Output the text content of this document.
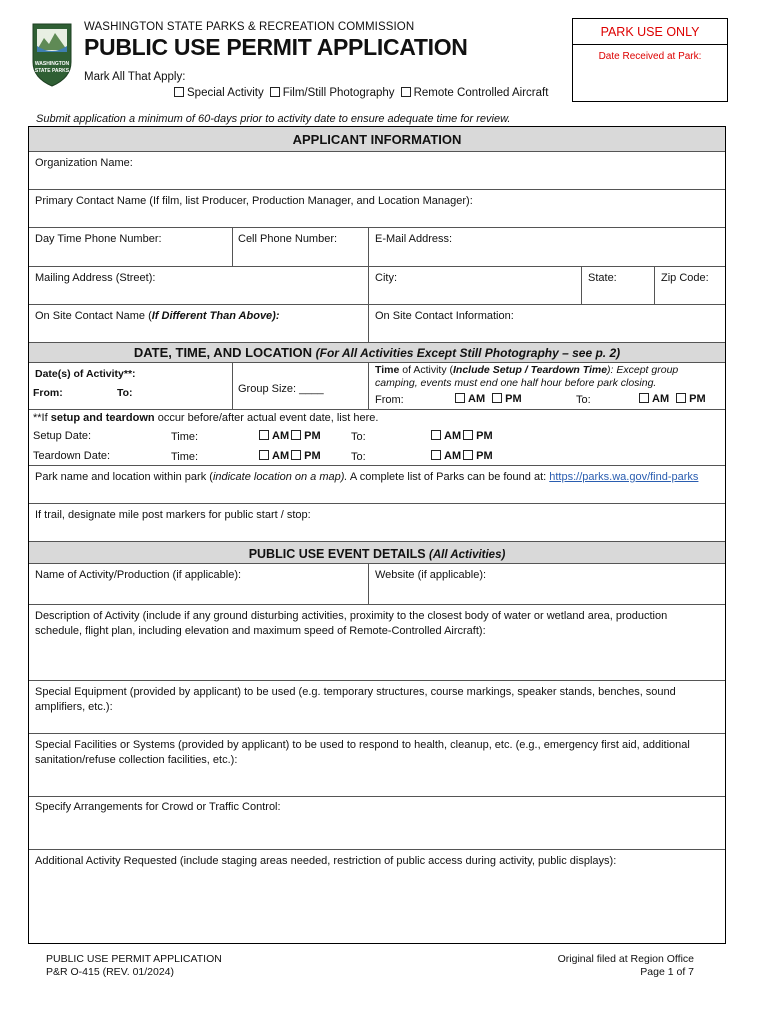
WASHINGTON
STATE PARKS
WASHINGTON STATE PARKS & RECREATION COMMISSION
PUBLIC USE PERMIT APPLICATION
Mark All That Apply:
Special Activity	Film/Still Photography	Remote Controlled Aircraft
PARK USE ONLY
Date Received at Park:
Submit application a minimum of 60-days prior to activity date to ensure adequate time for review.
APPLICANT INFORMATION
Organization Name:
Primary Contact Name (If film, list Producer, Production Manager, and Location Manager):
Day Time Phone Number:	Cell Phone Number:	E-Mail Address:
Mailing Address (Street):	City:	State:	Zip Code:
On Site Contact Name (If Different Than Above):	On Site Contact Information:
DATE, TIME, AND LOCATION (For All Activities Except Still Photography – see p. 2)
Date(s) of Activity**:
From:	To:	Group Size: ____
Time of Activity (Include Setup / Teardown Time): Except group camping, events must end one half hour before park closing.
From:	AM PM	To:	AM PM
**If setup and teardown occur before/after actual event date, list here.
Setup Date:	Time:	AM PM	To:	AM PM
Teardown Date:	Time:	AM PM	To:	AM PM
Park name and location within park (indicate location on a map). A complete list of Parks can be found at: https://parks.wa.gov/find-parks
If trail, designate mile post markers for public start / stop:
PUBLIC USE EVENT DETAILS (All Activities)
Name of Activity/Production (if applicable):	Website (if applicable):
Description of Activity (include if any ground disturbing activities, proximity to the closest body of water or wetland area, production schedule, flight plan, including elevation and maximum speed of Remote-Controlled Aircraft):
Special Equipment (provided by applicant) to be used (e.g. temporary structures, course markings, speaker stands, benches, sound amplifiers, etc.):
Special Facilities or Systems (provided by applicant) to be used to respond to health, cleanup, etc. (e.g., emergency first aid, additional sanitation/refuse collection facilities, etc.):
Specify Arrangements for Crowd or Traffic Control:
Additional Activity Requested (include staging areas needed, restriction of public access during activity, public displays):
PUBLIC USE PERMIT APPLICATION
P&R O-415 (REV. 01/2024)
Original filed at Region Office
Page 1 of 7
